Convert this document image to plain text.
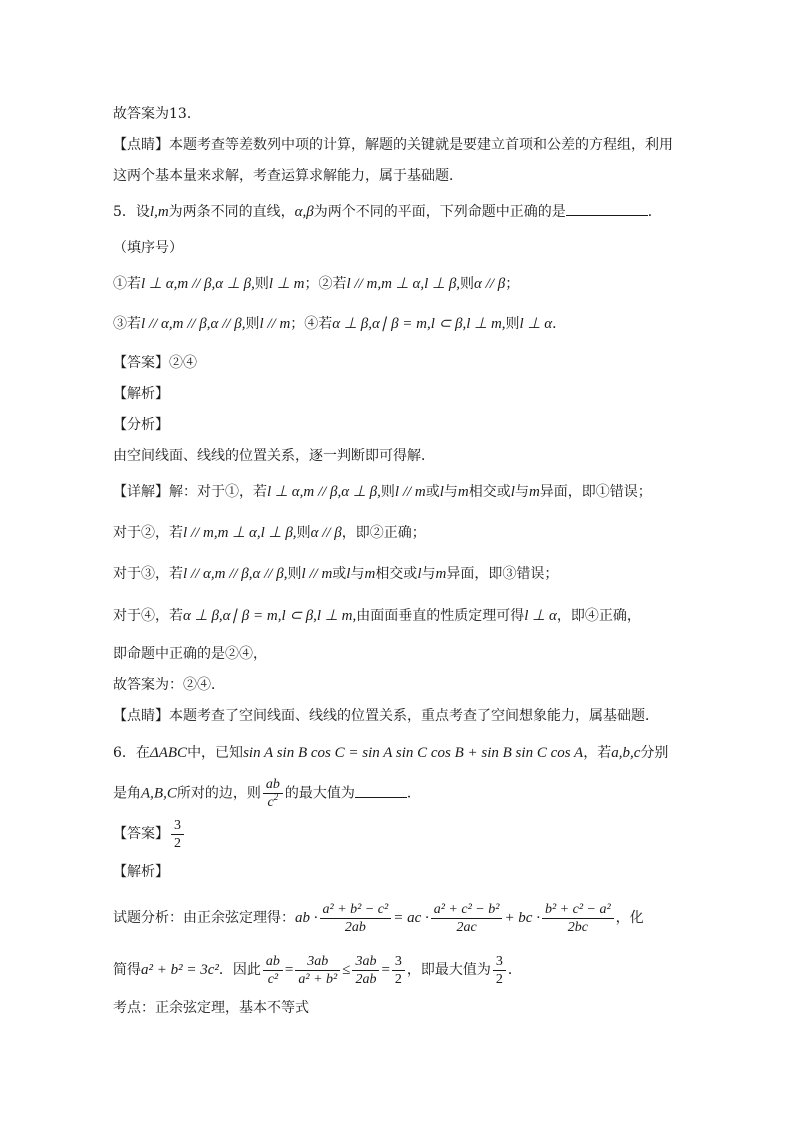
故答案为13．
【点睛】本题考查等差数列中项的计算，解题的关键就是要建立首项和公差的方程组，利用
这两个基本量来求解，考查运算求解能力，属于基础题．
5．设l,m为两条不同的直线，α,β为两个不同的平面，下列命题中正确的是	．
（填序号）
①若l ⊥ α,m // β,α ⊥ β,则l ⊥ m；②若l // m,m ⊥ α,l ⊥ β,则α // β；
③若l // α,m // β,α // β,则l // m；④若α ⊥ β,α∣ β = m,l ⊂ β,l ⊥ m,则l ⊥ α．
【答案】②④
【解析】
【分析】
由空间线面、线线的位置关系，逐一判断即可得解．
【详解】解：对于①，若l ⊥ α,m // β,α ⊥ β,则l // m或l与m相交或l与m异面，即①错误；
对于②，若l // m,m ⊥ α,l ⊥ β,则α // β，即②正确；
对于③，若l // α,m // β,α // β,则l // m或l与m相交或l与m异面，即③错误；
对于④，若α ⊥ β,α∣ β = m,l ⊂ β,l ⊥ m,由面面垂直的性质定理可得l ⊥ α，即④正确，
即命题中正确的是②④，
故答案为：②④．
【点睛】本题考查了空间线面、线线的位置关系，重点考查了空间想象能力，属基础题．
6．在ΔABC中，已知sin A sin B cos C = sin A sin C cos B + sin B sin C cos A，若a,b,c分别
是角A,B,C所对的边，则 $\frac{ab}{c^2}$ 的最大值为	．
【答案】 $\frac{3}{2}$
【解析】
试题分析：由正余弦定理得：ab · $\frac{\text{a² + b² − c²}}{2ab}$ = ac · $\frac{\text{a² + c² − b²}}{2ac}$ + bc · $\frac{\text{b² + c² − a²}}{2bc}$ ，化
简得a² + b² = 3c²．因此 $\frac{ab}{\text{c²}} = \frac{3ab}{\text{a² + b²}} \le \frac{3ab}{2ab} = \frac{3}{2}$ ，即最大值为 $\frac{3}{2}$ ．
考点：正余弦定理，基本不等式
